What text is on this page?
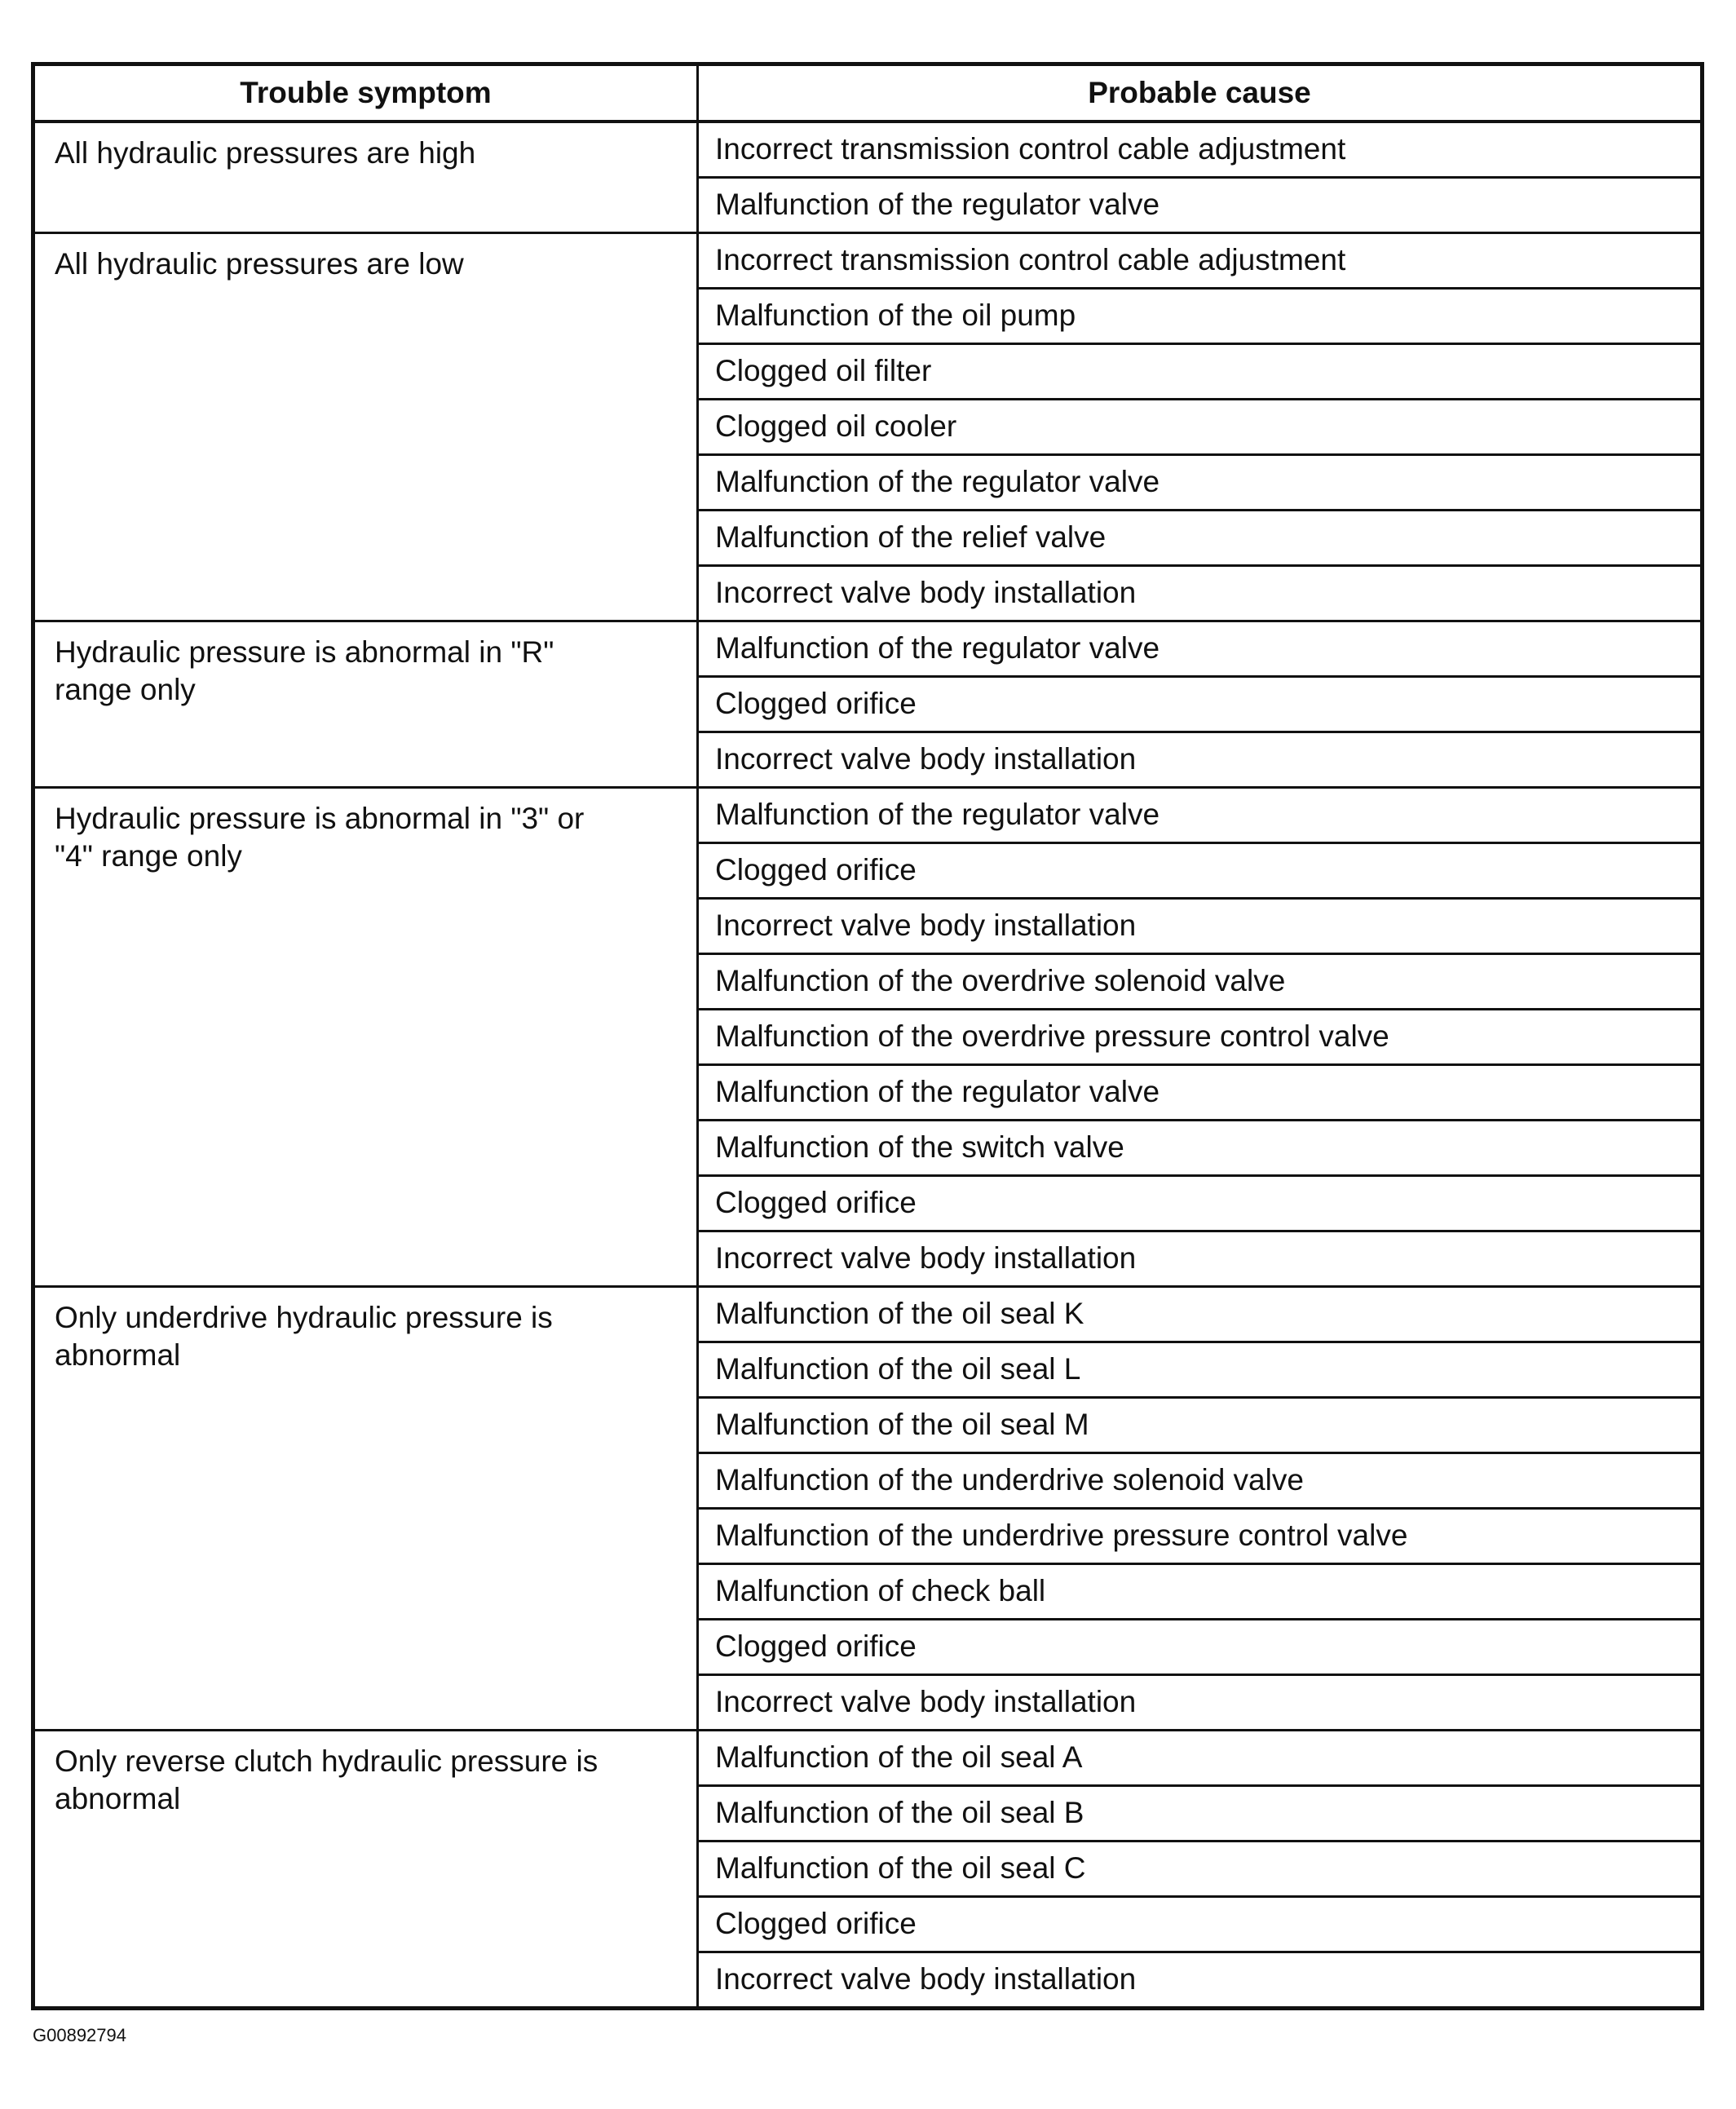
Trouble symptom	Probable cause

All hydraulic pressures are high	Incorrect transmission control cable adjustment
	Malfunction of the regulator valve

All hydraulic pressures are low	Incorrect transmission control cable adjustment
	Malfunction of the oil pump
	Clogged oil filter
	Clogged oil cooler
	Malfunction of the regulator valve
	Malfunction of the relief valve
	Incorrect valve body installation

Hydraulic pressure is abnormal in "R" range only	Malfunction of the regulator valve
	Clogged orifice
	Incorrect valve body installation

Hydraulic pressure is abnormal in "3" or "4" range only	Malfunction of the regulator valve
	Clogged orifice
	Incorrect valve body installation
	Malfunction of the overdrive solenoid valve
	Malfunction of the overdrive pressure control valve
	Malfunction of the regulator valve
	Malfunction of the switch valve
	Clogged orifice
	Incorrect valve body installation

Only underdrive hydraulic pressure is abnormal	Malfunction of the oil seal K
	Malfunction of the oil seal L
	Malfunction of the oil seal M
	Malfunction of the underdrive solenoid valve
	Malfunction of the underdrive pressure control valve
	Malfunction of check ball
	Clogged orifice
	Incorrect valve body installation

Only reverse clutch hydraulic pressure is abnormal	Malfunction of the oil seal A
	Malfunction of the oil seal B
	Malfunction of the oil seal C
	Clogged orifice
	Incorrect valve body installation
G00892794
